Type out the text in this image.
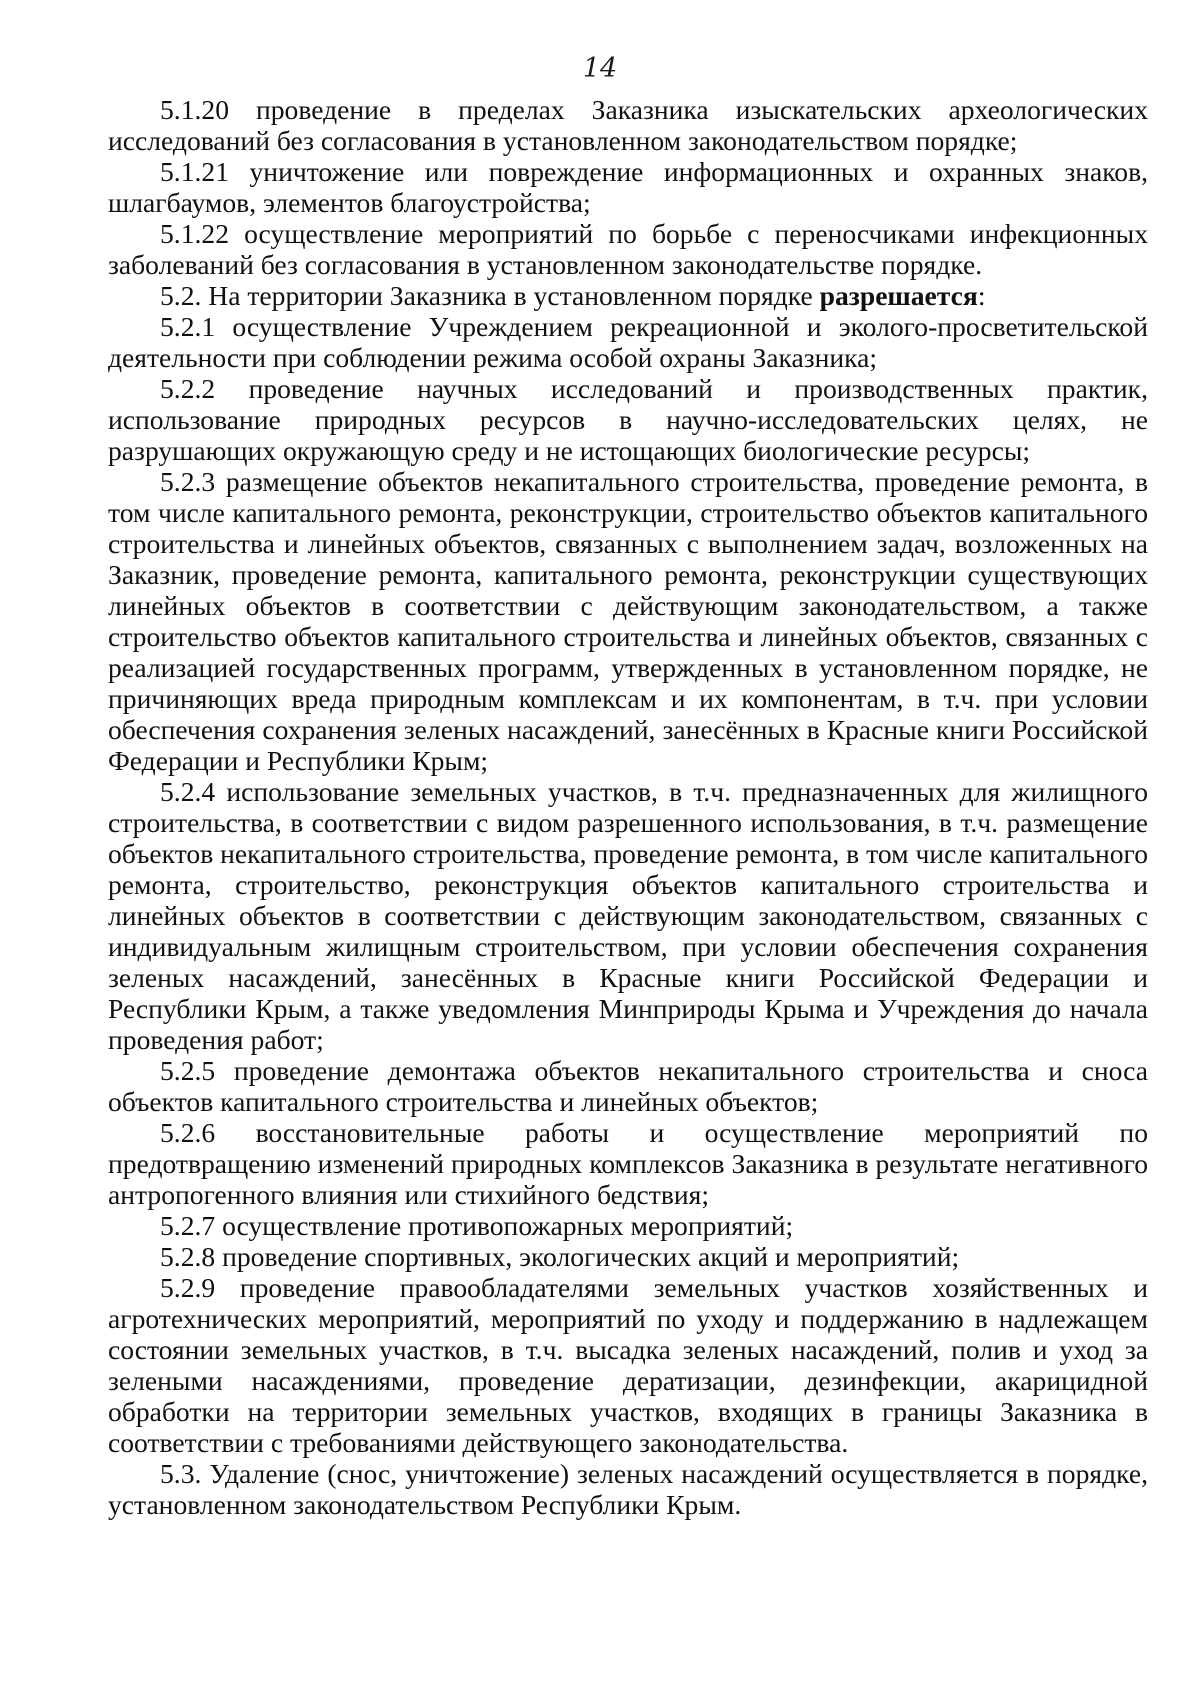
14

5.1.20 проведение в пределах Заказника изыскательских археологических исследований без согласования в установленном законодательством порядке;

5.1.21 уничтожение или повреждение информационных и охранных знаков, шлагбаумов, элементов благоустройства;

5.1.22 осуществление мероприятий по борьбе с переносчиками инфекционных заболеваний без согласования в установленном законодательстве порядке.

5.2. На территории Заказника в установленном порядке разрешается:

5.2.1 осуществление Учреждением рекреационной и эколого-просветительской деятельности при соблюдении режима особой охраны Заказника;

5.2.2 проведение научных исследований и производственных практик, использование природных ресурсов в научно-исследовательских целях, не разрушающих окружающую среду и не истощающих биологические ресурсы;

5.2.3 размещение объектов некапитального строительства, проведение ремонта, в том числе капитального ремонта, реконструкции, строительство объектов капитального строительства и линейных объектов, связанных с выполнением задач, возложенных на Заказник, проведение ремонта, капитального ремонта, реконструкции существующих линейных объектов в соответствии с действующим законодательством, а также строительство объектов капитального строительства и линейных объектов, связанных с реализацией государственных программ, утвержденных в установленном порядке, не причиняющих вреда природным комплексам и их компонентам, в т.ч. при условии обеспечения сохранения зеленых насаждений, занесённых в Красные книги Российской Федерации и Республики Крым;

5.2.4 использование земельных участков, в т.ч. предназначенных для жилищного строительства, в соответствии с видом разрешенного использования, в т.ч. размещение объектов некапитального строительства, проведение ремонта, в том числе капитального ремонта, строительство, реконструкция объектов капитального строительства и линейных объектов в соответствии с действующим законодательством, связанных с индивидуальным жилищным строительством, при условии обеспечения сохранения зеленых насаждений, занесённых в Красные книги Российской Федерации и Республики Крым, а также уведомления Минприроды Крыма и Учреждения до начала проведения работ;

5.2.5 проведение демонтажа объектов некапитального строительства и сноса объектов капитального строительства и линейных объектов;

5.2.6 восстановительные работы и осуществление мероприятий по предотвращению изменений природных комплексов Заказника в результате негативного антропогенного влияния или стихийного бедствия;

5.2.7 осуществление противопожарных мероприятий;

5.2.8 проведение спортивных, экологических акций и мероприятий;

5.2.9 проведение правообладателями земельных участков хозяйственных и агротехнических мероприятий, мероприятий по уходу и поддержанию в надлежащем состоянии земельных участков, в т.ч. высадка зеленых насаждений, полив и уход за зелеными насаждениями, проведение дератизации, дезинфекции, акарицидной обработки на территории земельных участков, входящих в границы Заказника в соответствии с требованиями действующего законодательства.

5.3. Удаление (снос, уничтожение) зеленых насаждений осуществляется в порядке, установленном законодательством Республики Крым.
